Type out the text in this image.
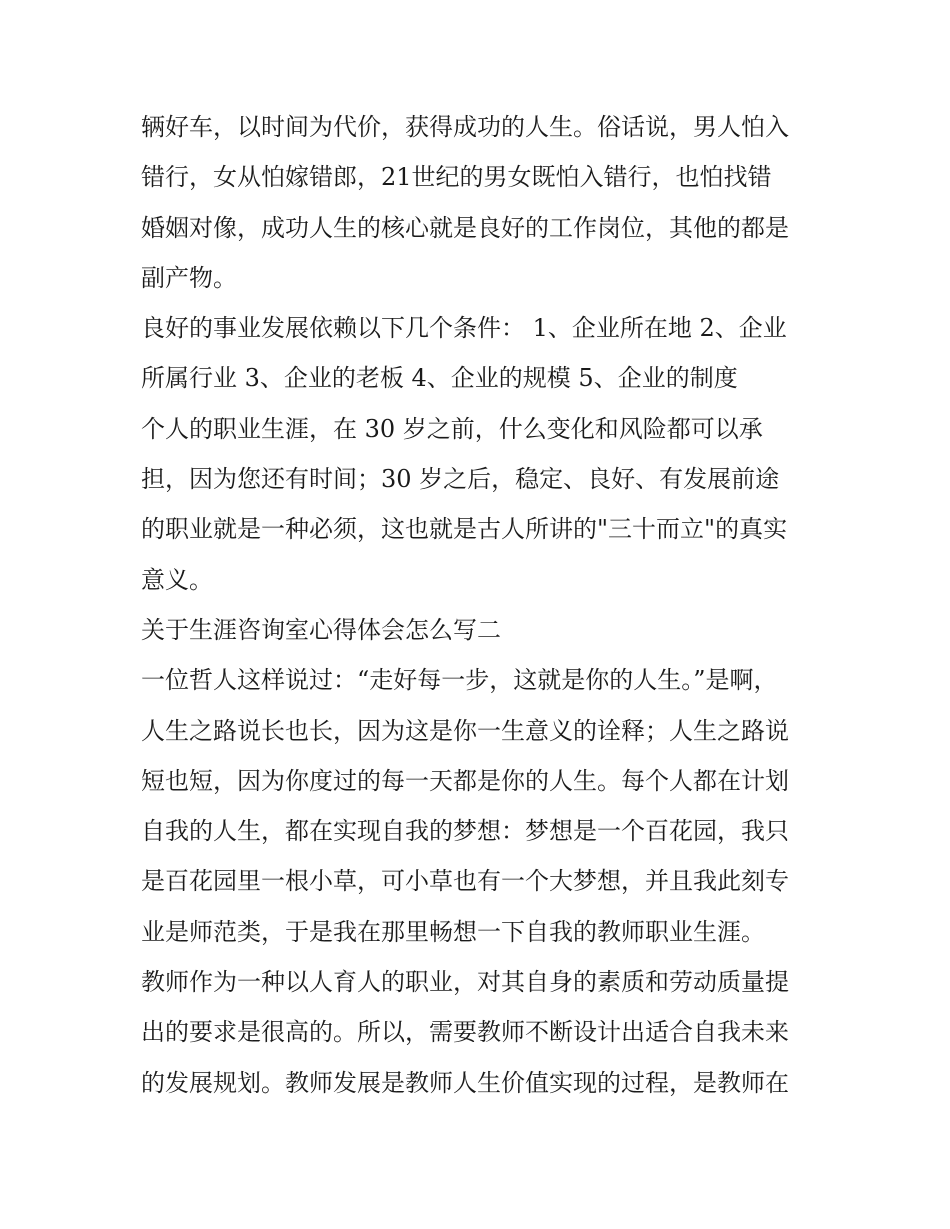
辆好车，以时间为代价，获得成功的人生。俗话说，男人怕入
错行，女从怕嫁错郎，21世纪的男女既怕入错行，也怕找错
婚姻对像，成功人生的核心就是良好的工作岗位，其他的都是
副产物。
良好的事业发展依赖以下几个条件： 1、企业所在地 2、企业
所属行业 3、企业的老板 4、企业的规模 5、企业的制度
个人的职业生涯，在 30 岁之前，什么变化和风险都可以承
担，因为您还有时间；30 岁之后，稳定、良好、有发展前途
的职业就是一种必须，这也就是古人所讲的"三十而立"的真实
意义。
关于生涯咨询室心得体会怎么写二
一位哲人这样说过：“走好每一步，这就是你的人生。”是啊，
人生之路说长也长，因为这是你一生意义的诠释；人生之路说
短也短，因为你度过的每一天都是你的人生。每个人都在计划
自我的人生，都在实现自我的梦想：梦想是一个百花园，我只
是百花园里一根小草，可小草也有一个大梦想，并且我此刻专
业是师范类，于是我在那里畅想一下自我的教师职业生涯。
教师作为一种以人育人的职业，对其自身的素质和劳动质量提
出的要求是很高的。所以，需要教师不断设计出适合自我未来
的发展规划。教师发展是教师人生价值实现的过程，是教师在
